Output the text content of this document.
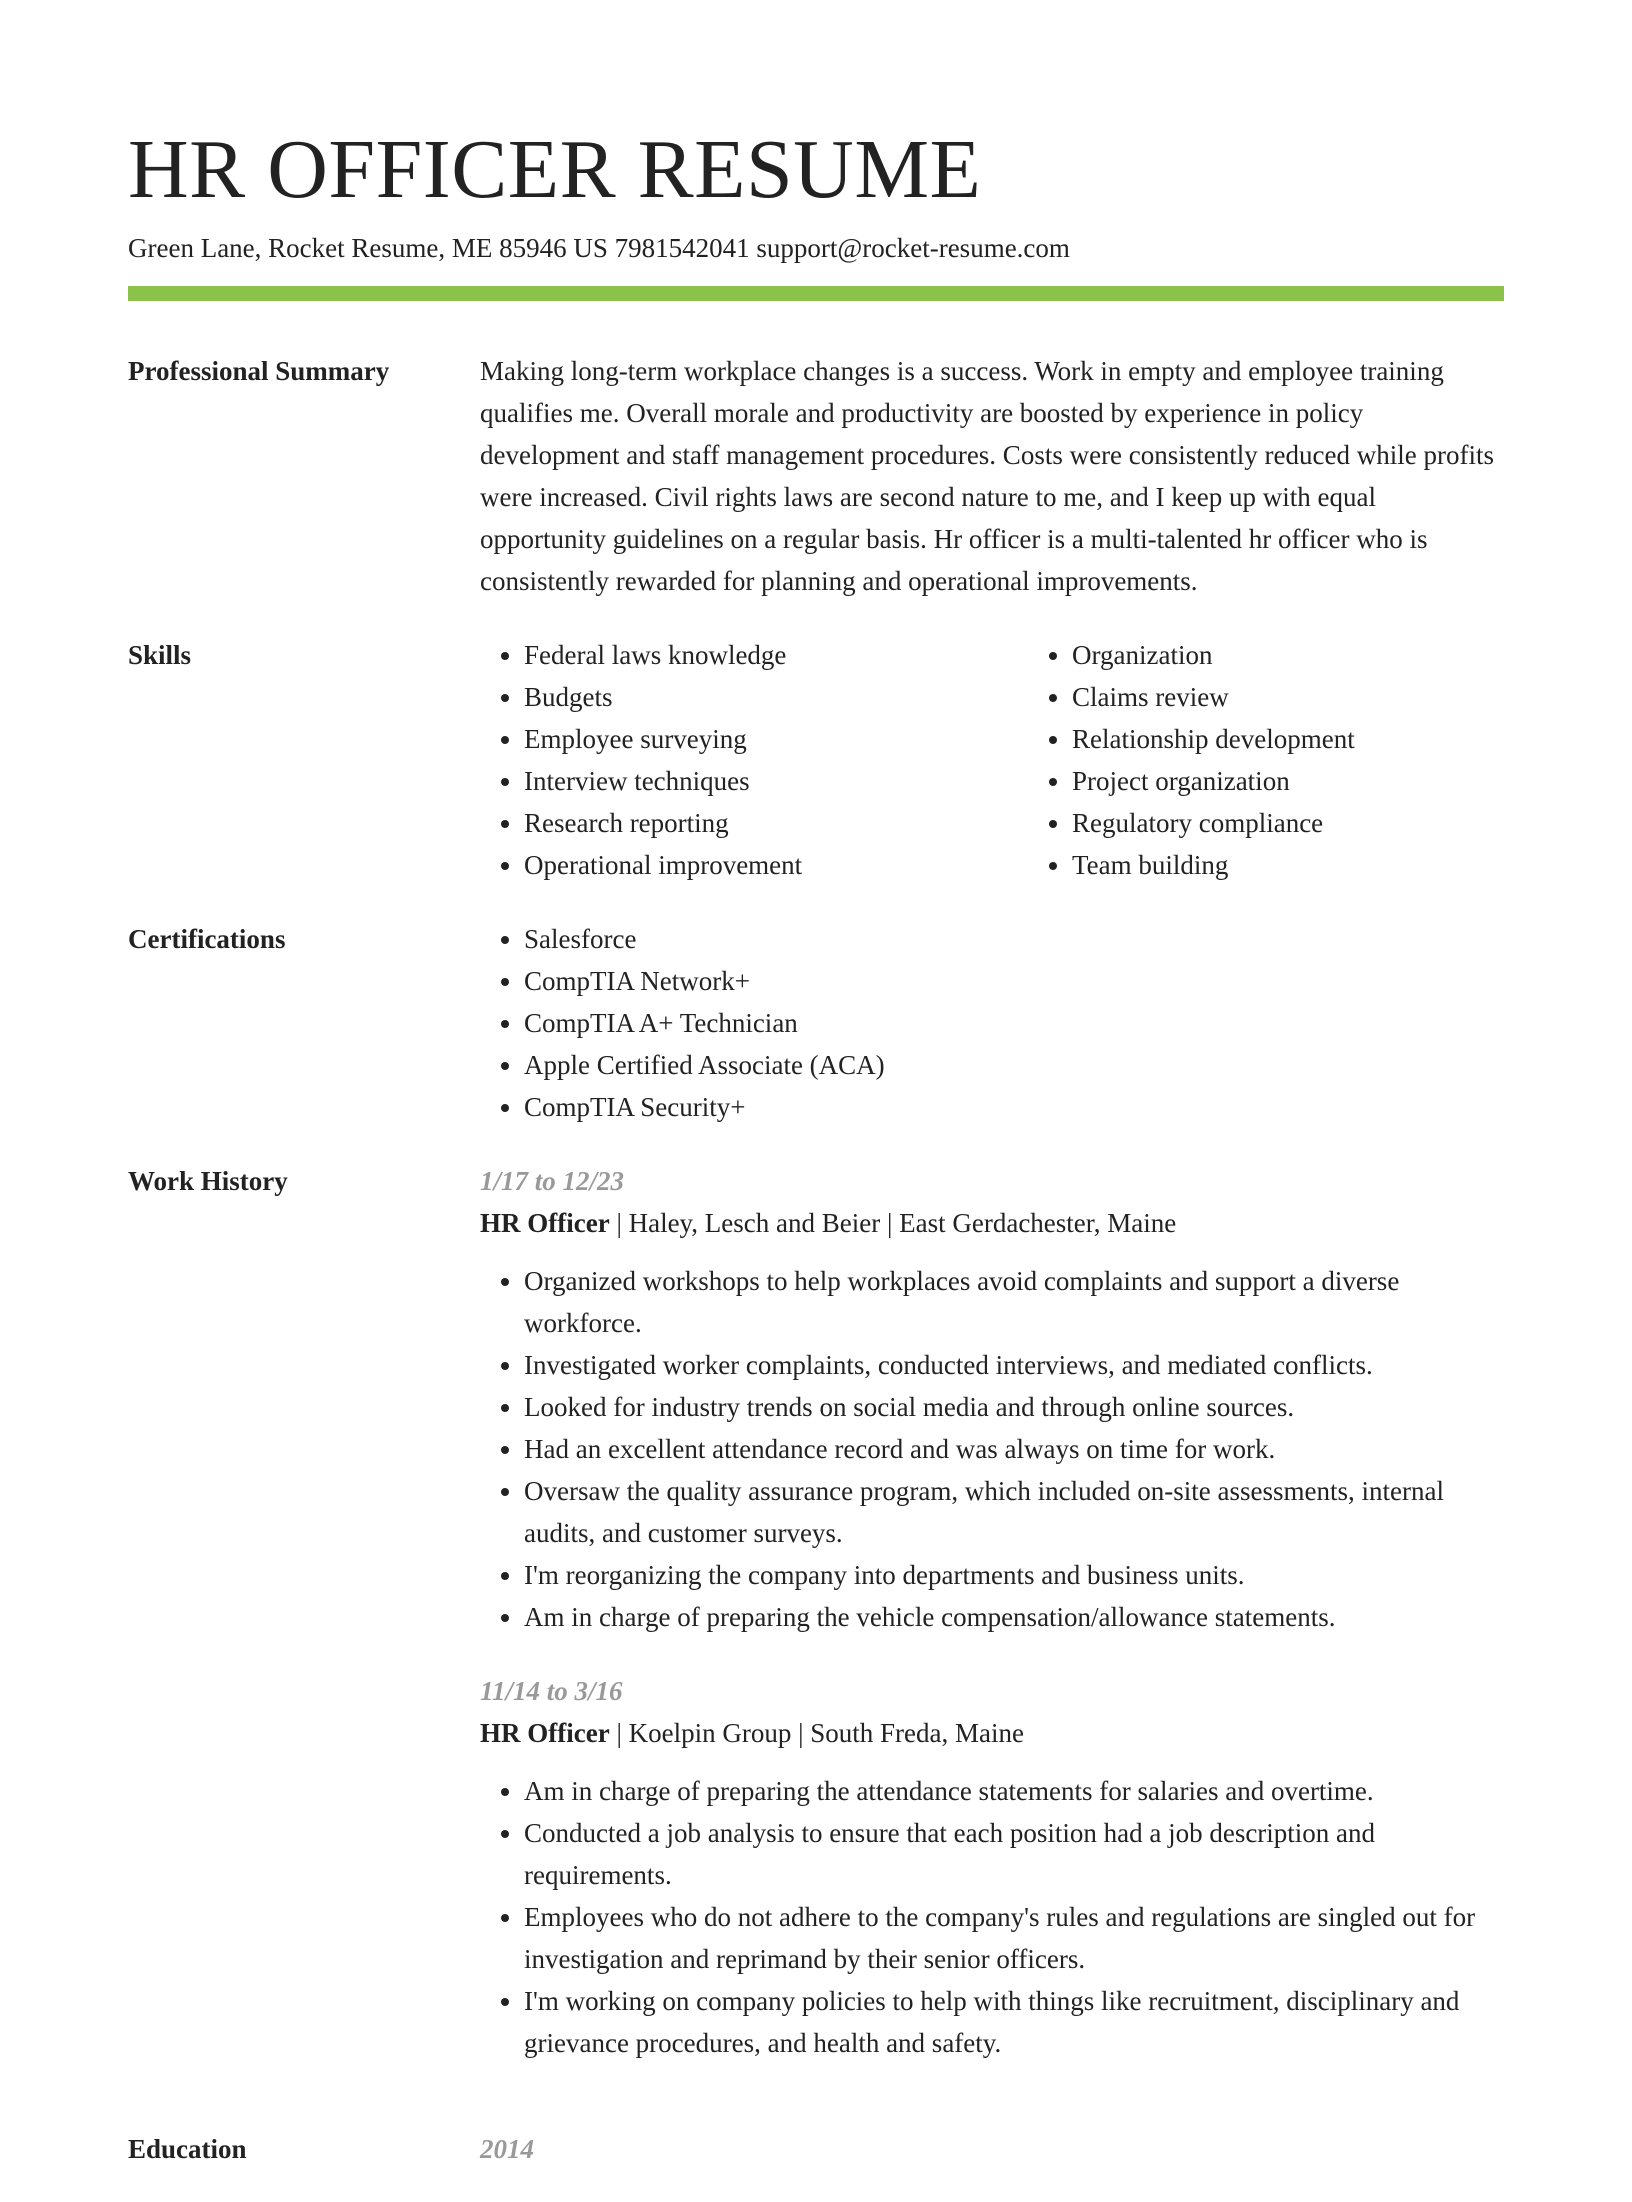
HR OFFICER RESUME
Green Lane, Rocket Resume, ME 85946 US 7981542041 support@rocket-resume.com
Professional Summary	Making long-term workplace changes is a success. Work in empty and employee training qualifies me. Overall morale and productivity are boosted by experience in policy development and staff management procedures. Costs were consistently reduced while profits were increased. Civil rights laws are second nature to me, and I keep up with equal opportunity guidelines on a regular basis. Hr officer is a multi-talented hr officer who is consistently rewarded for planning and operational improvements.

Skills	• Federal laws knowledge
• Budgets
• Employee surveying
• Interview techniques
• Research reporting
• Operational improvement
• Organization
• Claims review
• Relationship development
• Project organization
• Regulatory compliance
• Team building
Certifications	• Salesforce
• CompTIA Network+
• CompTIA A+ Technician
• Apple Certified Associate (ACA)
• CompTIA Security+
Work History	1/17 to 12/23
HR Officer | Haley, Lesch and Beier | East Gerdachester, Maine
• Organized workshops to help workplaces avoid complaints and support a diverse workforce.
• Investigated worker complaints, conducted interviews, and mediated conflicts.
• Looked for industry trends on social media and through online sources.
• Had an excellent attendance record and was always on time for work.
• Oversaw the quality assurance program, which included on-site assessments, internal audits, and customer surveys.
• I'm reorganizing the company into departments and business units.
• Am in charge of preparing the vehicle compensation/allowance statements.
11/14 to 3/16
HR Officer | Koelpin Group | South Freda, Maine
• Am in charge of preparing the attendance statements for salaries and overtime.
• Conducted a job analysis to ensure that each position had a job description and requirements.
• Employees who do not adhere to the company's rules and regulations are singled out for investigation and reprimand by their senior officers.
• I'm working on company policies to help with things like recruitment, disciplinary and grievance procedures, and health and safety.
Education	2014
